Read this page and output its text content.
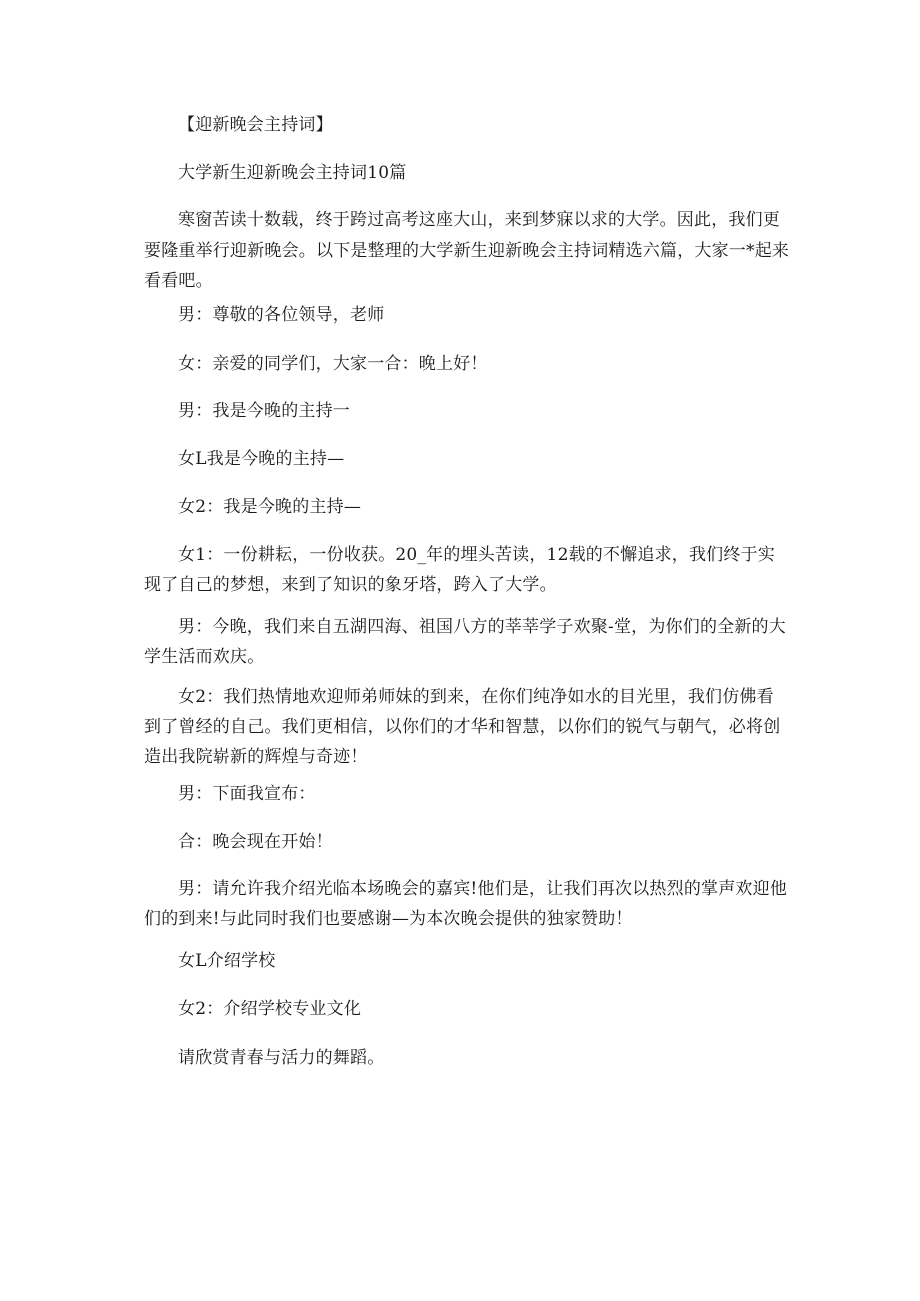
【迎新晚会主持词】
大学新生迎新晚会主持词10篇
寒窗苦读十数载，终于跨过高考这座大山，来到梦寐以求的大学。因此，我们更
要隆重举行迎新晚会。以下是整理的大学新生迎新晚会主持词精选六篇，大家一*起来
看看吧。
男：尊敬的各位领导，老师
女：亲爱的同学们，大家一合：晚上好！
男：我是今晚的主持一
女L我是今晚的主持—
女2：我是今晚的主持—
女1：一份耕耘，一份收获。20_年的埋头苦读，12载的不懈追求，我们终于实
现了自己的梦想，来到了知识的象牙塔，跨入了大学。
男：今晚，我们来自五湖四海、祖国八方的莘莘学子欢聚-堂，为你们的全新的大
学生活而欢庆。
女2：我们热情地欢迎师弟师妹的到来，在你们纯净如水的目光里，我们仿佛看
到了曾经的自己。我们更相信，以你们的才华和智慧，以你们的锐气与朝气，必将创
造出我院崭新的辉煌与奇迹！
男：下面我宣布：
合：晚会现在开始！
男：请允许我介绍光临本场晚会的嘉宾!他们是，让我们再次以热烈的掌声欢迎他
们的到来!与此同时我们也要感谢—为本次晚会提供的独家赞助！
女L介绍学校
女2：介绍学校专业文化
请欣赏青春与活力的舞蹈。
